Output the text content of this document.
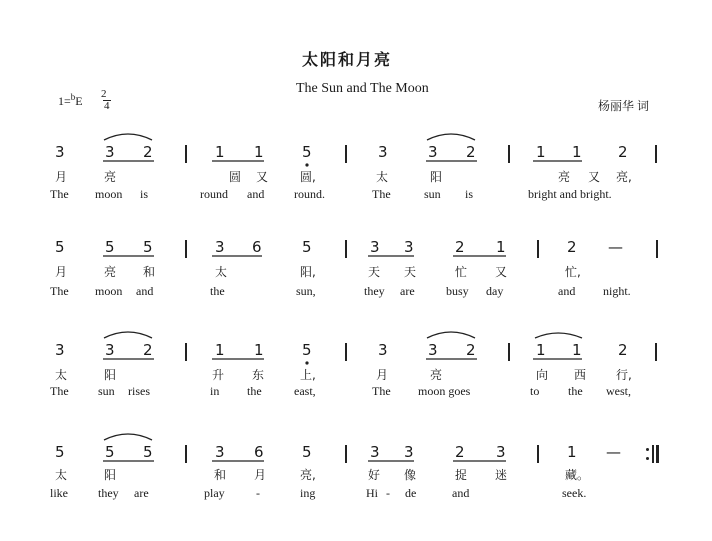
太阳和月亮
The Sun and The Moon
1=$^b$E 2
4	杨丽华 词
3	3 2	1 1	5	3	3 2	1 1 2
月	亮	圆 又	圆,	太	阳	亮 又 亮,
The moon is	round and round.	The	sun is	bright and bright.
5	5 5	3 6	5	3 3	2 1	2 —
月	亮 和	太	阳,	天 天	忙 又	忙,
The moon and	the	sun,	they are	busy day	and night.
3	3 2	1 1	5	3	3 2	1 1 2
太	阳	升 东	上,	月	亮	向 西 行,
The sun rises	in the	east,	The moon goes	to the west,
5	5 5	3 6	5	3 3	2 3	1 —
太	阳	和 月	亮,	好 像	捉 迷	藏。
like	they are	play	-	ing	Hi - de	and	seek.
